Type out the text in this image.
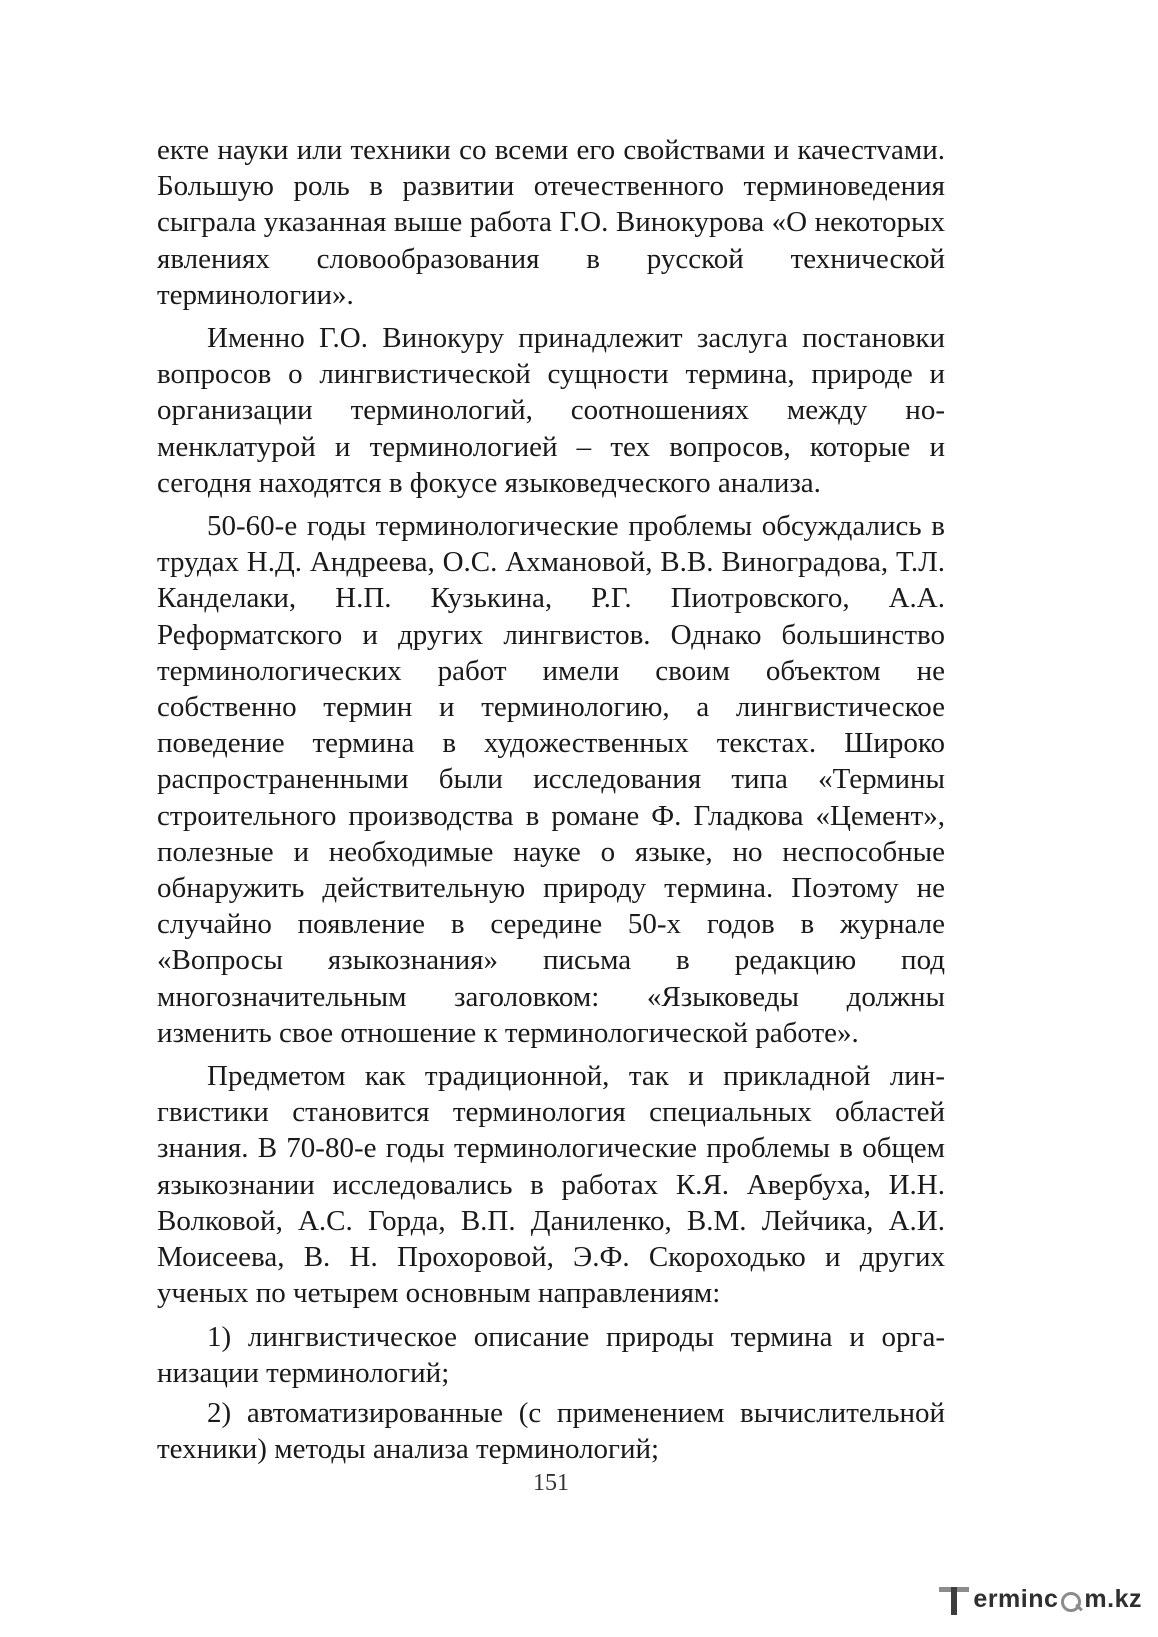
екте науки или техники со всеми его свойствами и качестvами. Большую роль в развитии отечественного терминоведения сыграла указанная выше работа Г.О. Винокурова «О некоторых явлениях словообразования в русской технической терминологии».

Именно Г.О. Винокуру принадлежит заслуга постановки вопросов о лингвистической сущности термина, природе и организации терминологий, соотношениях между номенклатурой и терминологией – тех вопросов, которые и сегодня находятся в фокусе языковедческого анализа.

50-60-е годы терминологические проблемы обсуждались в трудах Н.Д. Андреева, О.С. Ахмановой, В.В. Виноградова, Т.Л. Канделаки, Н.П. Кузькина, Р.Г. Пиотровского, А.А. Реформатского и других лингвистов. Однако большинство терминологических работ имели своим объектом не собственно термин и терминологию, а лингвистическое поведение термина в художественных текстах. Широко распространенными были исследования типа «Термины строительного производства в романе Ф. Гладкова «Цемент», полезные и необходимые науке о языке, но неспособные обнаружить действительную природу термина. Поэтому не случайно появление в середине 50-х годов в журнале «Вопросы языкознания» письма в редакцию под многозначительным заголовком: «Языковеды должны изменить свое отношение к терминологической работе».

Предметом как традиционной, так и прикладной лингвистики становится терминология специальных областей знания. В 70-80-е годы терминологические проблемы в общем языкознании исследовались в работах К.Я. Авербуха, И.Н. Волковой, А.С. Горда, В.П. Даниленко, В.М. Лейчика, А.И. Моисеева, В. Н. Прохоровой, Э.Ф. Скороходько и других ученых по четырем основным направлениям:

1) лингвистическое описание природы термина и организации терминологий;

2) автоматизированные (с применением вычислительной техники) методы анализа терминологий;

151
erminc m.kz
